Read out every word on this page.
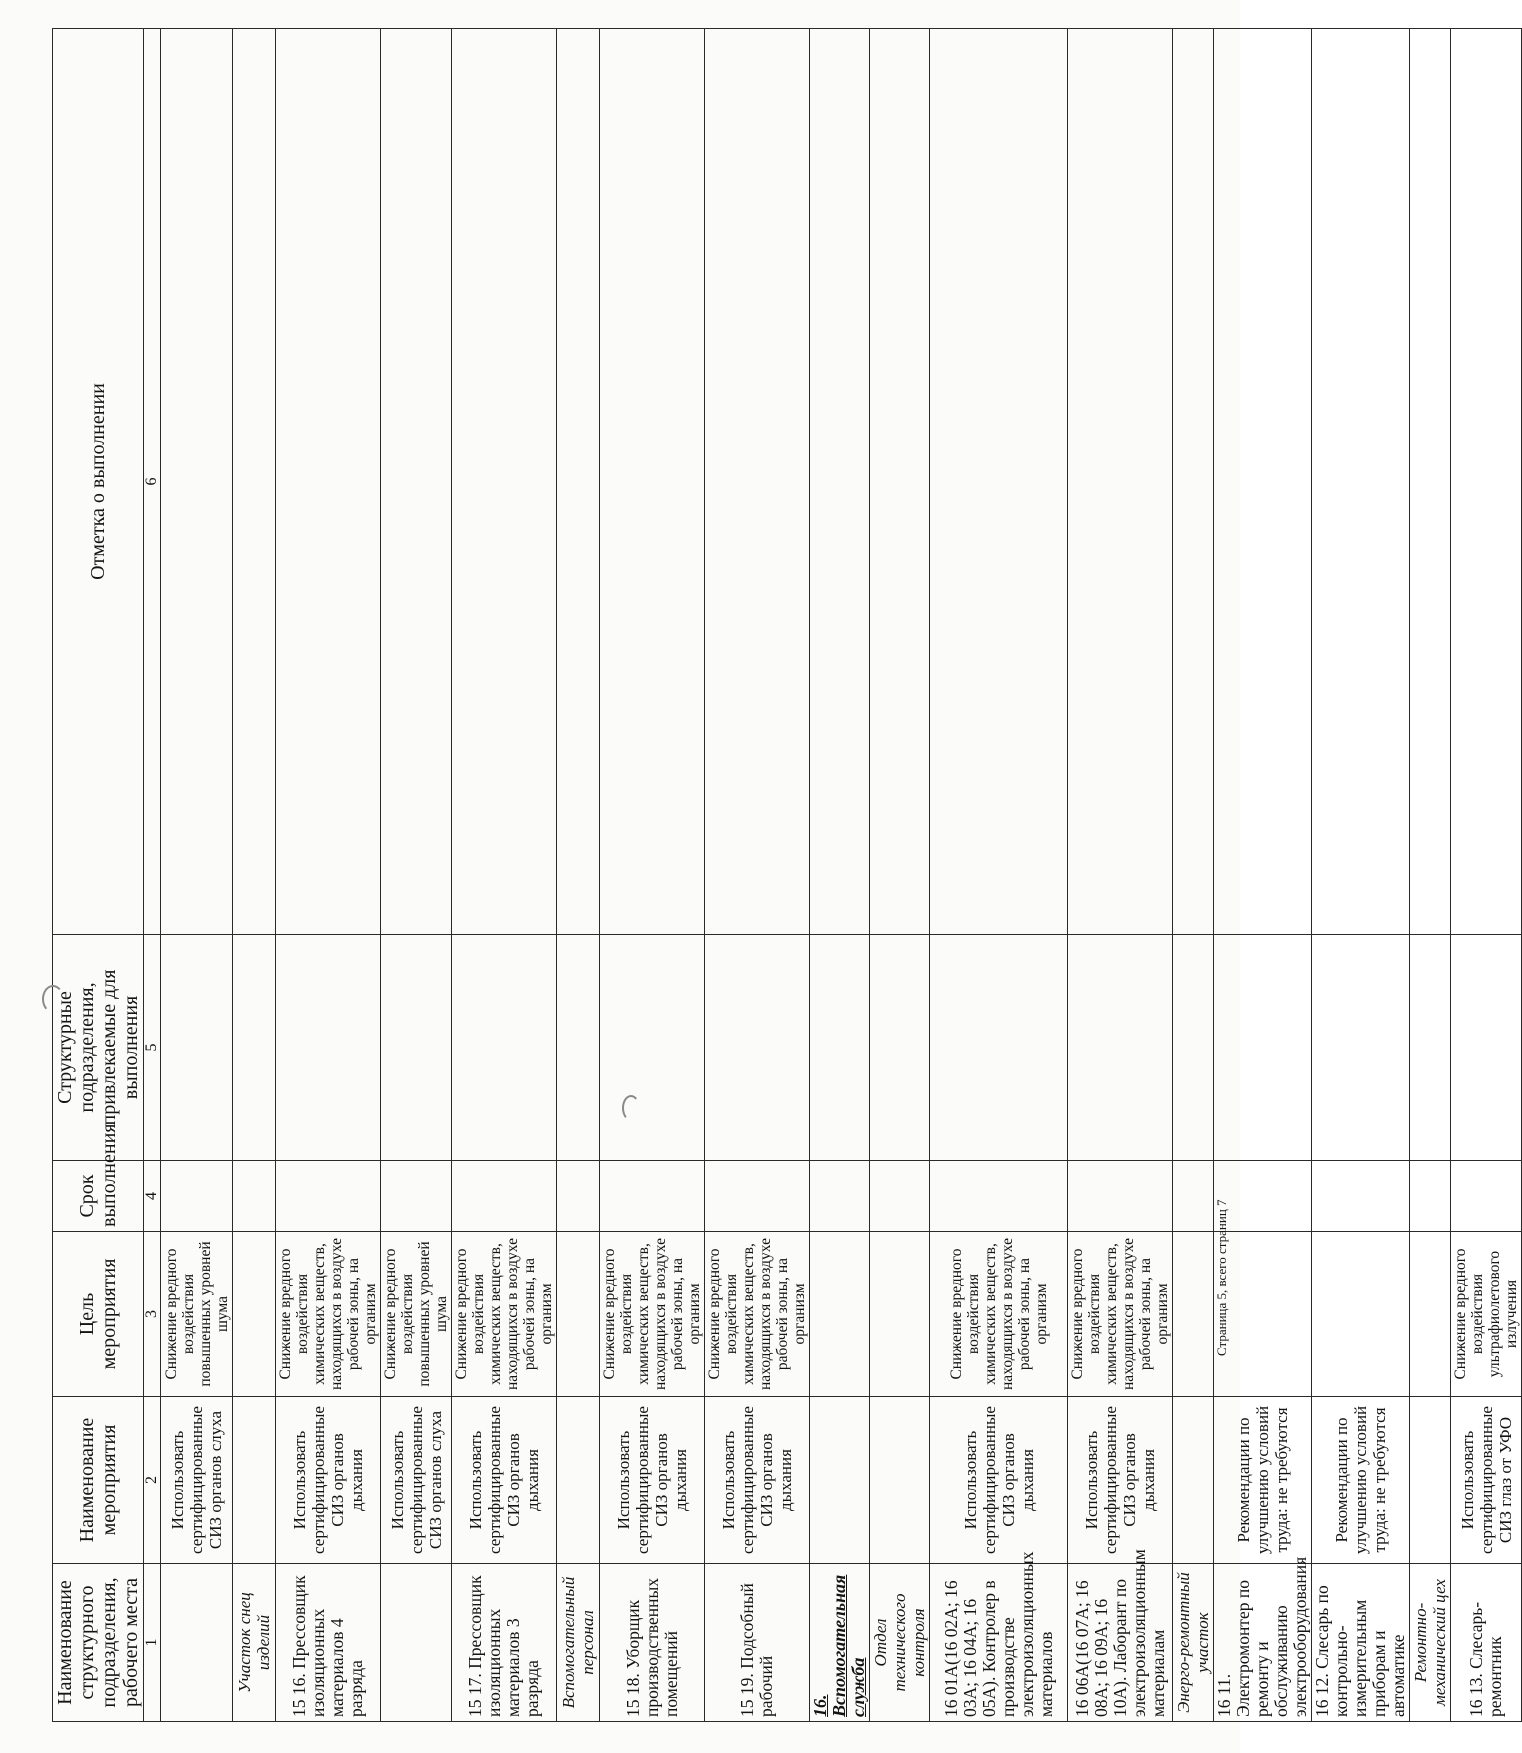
Наименование структурного подразделения, рабочего места	Наименование мероприятия	Цель мероприятия	Срок выполнения	Структурные подразделения, привлекаемые для выполнения	Отметка о выполнении
1	2	3	4	5	6
	Использовать сертифицированные СИЗ органов слуха	Снижение вредного воздействия повышенных уровней шума			
Участок снец изделий					
15 16. Прессовщик изоляционных материалов 4 разряда	Использовать сертифицированные СИЗ органов дыхания	Снижение вредного воздействия химических веществ, находящихся в воздухе рабочей зоны, на организм			
	Использовать сертифицированные СИЗ органов слуха	Снижение вредного воздействия повышенных уровней шума			
15 17. Прессовщик изоляционных материалов 3 разряда	Использовать сертифицированные СИЗ органов дыхания	Снижение вредного воздействия химических веществ, находящихся в воздухе рабочей зоны, на организм			
Вспомогательный персонал					
15 18. Уборщик производственных помещений	Использовать сертифицированные СИЗ органов дыхания	Снижение вредного воздействия химических веществ, находящихся в воздухе рабочей зоны, на организм			
15 19. Подсобный рабочий	Использовать сертифицированные СИЗ органов дыхания	Снижение вредного воздействия химических веществ, находящихся в воздухе рабочей зоны, на организм			
16. Вспомогательная служба					
Отдел технического контроля					
16 01А(16 02А; 16 03А; 16 04А; 16 05А). Контролер в производстве электроизоляционных материалов	Использовать сертифицированные СИЗ органов дыхания	Снижение вредного воздействия химических веществ, находящихся в воздухе рабочей зоны, на организм			
16 06А(16 07А; 16 08А; 16 09А; 16 10А). Лаборант по электроизоляционным материалам	Использовать сертифицированные СИЗ органов дыхания	Снижение вредного воздействия химических веществ, находящихся в воздухе рабочей зоны, на организм			
Энерго-ремонтный участок					
16 11. Электромонтер по ремонту и обслуживанию электрооборудования	Рекомендации по улучшению условий труда: не требуются				
16 12. Слесарь по контрольно-измерительным приборам и автоматике	Рекомендации по улучшению условий труда: не требуются				
Ремонтно-механический цех					
16 13. Слесарь-ремонтник	Использовать сертифицированные СИЗ глаз от УФО	Снижение вредного воздействия ультрафиолетового излучения			
Страница 5, всего страниц 7
